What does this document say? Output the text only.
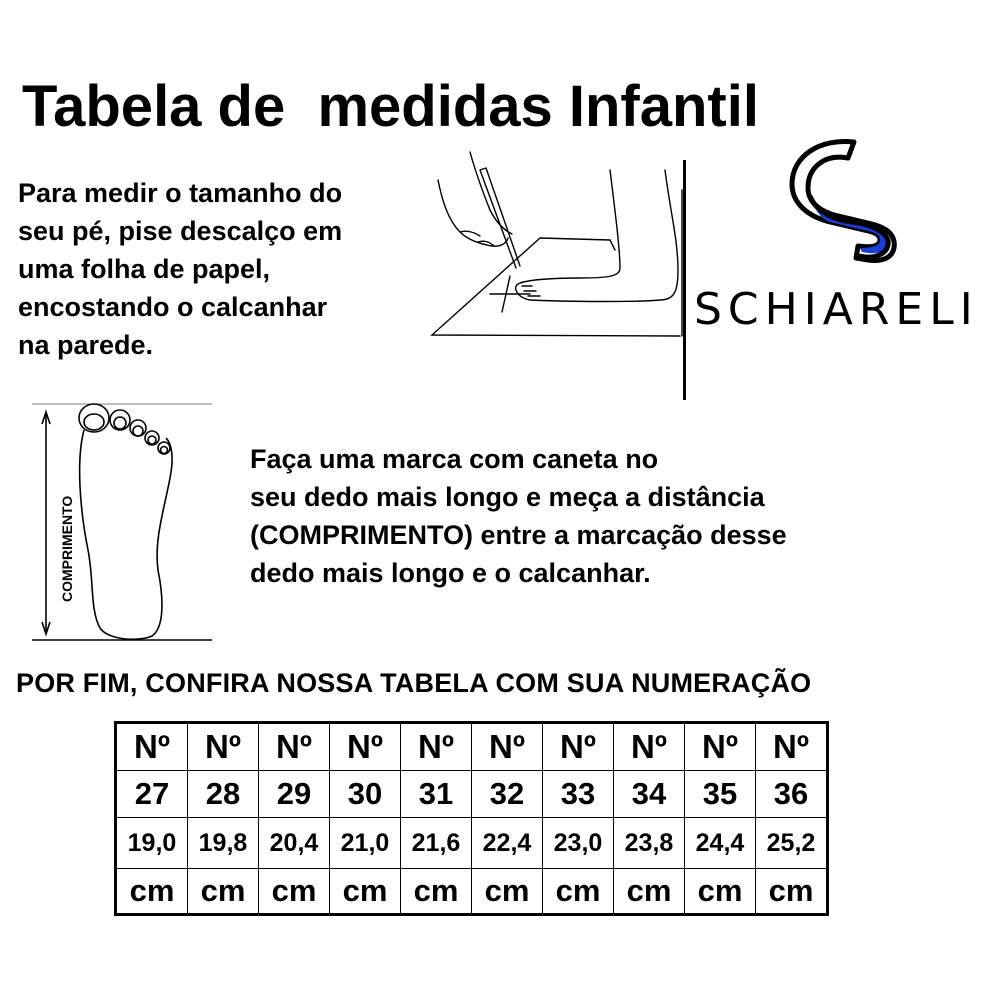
Tabela de  medidas Infantil
Para medir o tamanho do
seu pé, pise descalço em
uma folha de papel,
encostando o calcanhar
na parede.
SCHIARELI
COMPRIMENTO
Faça uma marca com caneta no
seu dedo mais longo e meça a distância
(COMPRIMENTO) entre a marcação desse
dedo mais longo e o calcanhar.
POR FIM, CONFIRA NOSSA TABELA COM SUA NUMERAÇÃO
Nº	Nº	Nº	Nº	Nº	Nº	Nº	Nº	Nº	Nº
27	28	29	30	31	32	33	34	35	36
19,0	19,8	20,4	21,0	21,6	22,4	23,0	23,8	24,4	25,2
cm	cm	cm	cm	cm	cm	cm	cm	cm	cm
